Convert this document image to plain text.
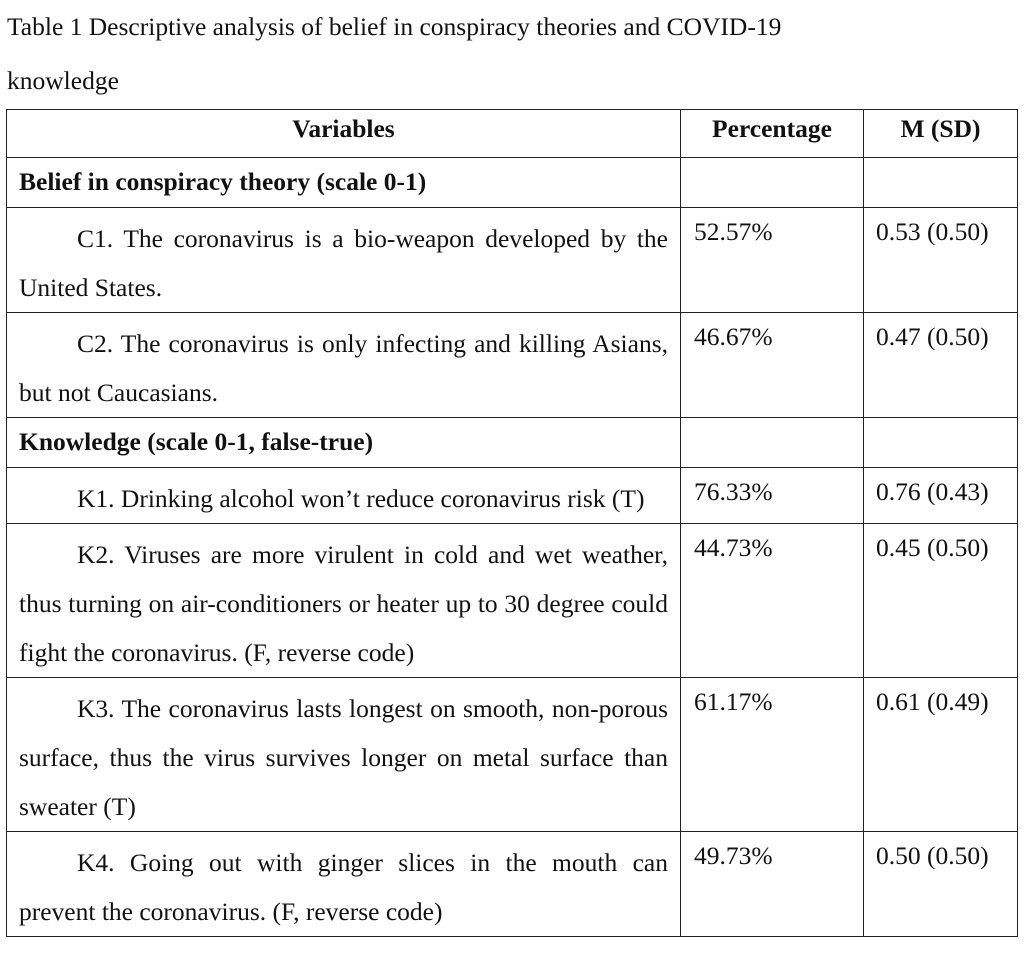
Table 1 Descriptive analysis of belief in conspiracy theories and COVID-19
knowledge
Variables	Percentage	M (SD)

Belief in conspiracy theory (scale 0-1)		

C1. The coronavirus is a bio-weapon developed by the United States.	52.57%	0.53 (0.50)

C2. The coronavirus is only infecting and killing Asians, but not Caucasians.	46.67%	0.47 (0.50)

Knowledge (scale 0-1, false-true)		

K1. Drinking alcohol won’t reduce coronavirus risk (T)	76.33%	0.76 (0.43)

K2. Viruses are more virulent in cold and wet weather, thus turning on air-conditioners or heater up to 30 degree could fight the coronavirus. (F, reverse code)	44.73%	0.45 (0.50)

K3. The coronavirus lasts longest on smooth, non-porous surface, thus the virus survives longer on metal surface than sweater (T)	61.17%	0.61 (0.49)

K4. Going out with ginger slices in the mouth can prevent the coronavirus. (F, reverse code)	49.73%	0.50 (0.50)
